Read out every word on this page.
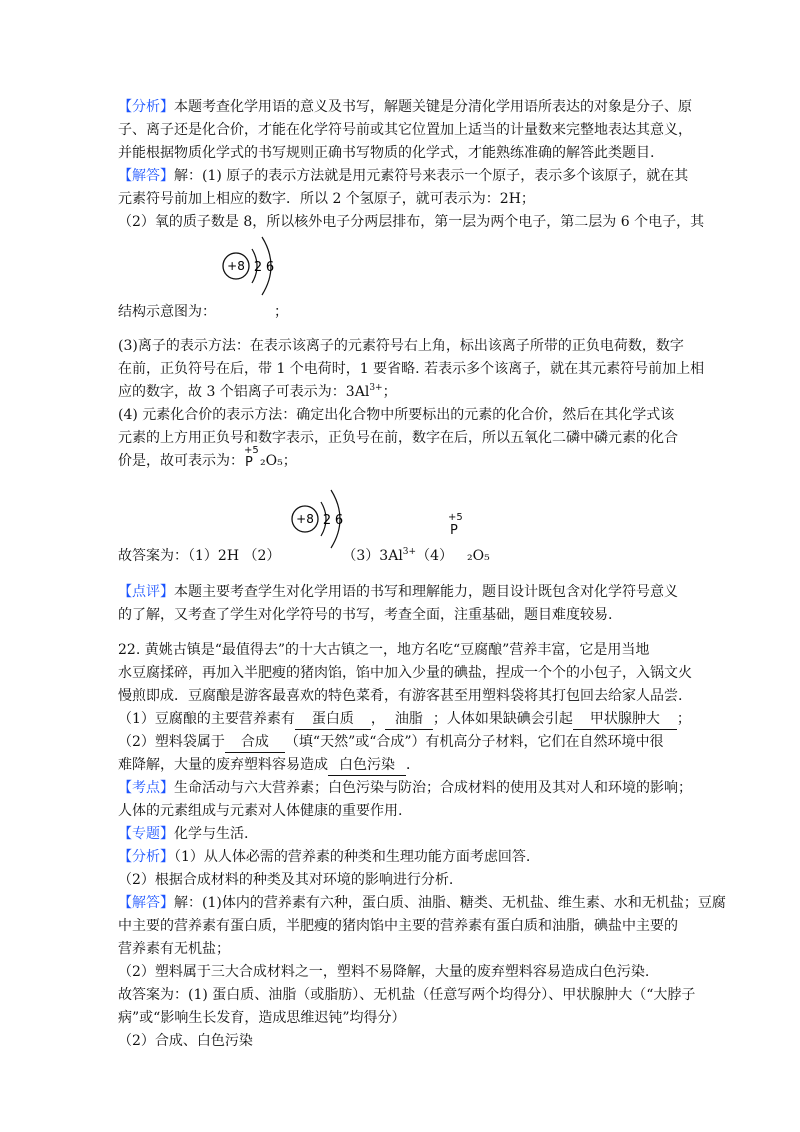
【分析】本题考查化学用语的意义及书写，解题关键是分清化学用语所表达的对象是分子、原
子、离子还是化合价，才能在化学符号前或其它位置加上适当的计量数来完整地表达其意义，
并能根据物质化学式的书写规则正确书写物质的化学式，才能熟练准确的解答此类题目.
【解答】解：(1) 原子的表示方法就是用元素符号来表示一个原子，表示多个该原子，就在其
元素符号前加上相应的数字．所以 2 个氢原子，就可表示为：2H；
（2）氧的质子数是 8，所以核外电子分两层排布，第一层为两个电子，第二层为 6 个电子，其
+8 2 6
结构示意图为：	；
(3)离子的表示方法：在表示该离子的元素符号右上角，标出该离子所带的正负电荷数，数字
在前，正负符号在后，带 1 个电荷时，1 要省略. 若表示多个该离子，就在其元素符号前加上相
应的数字，故 3 个铝离子可表示为：$3Al^{3+}$；
(4) 元素化合价的表示方法：确定出化合物中所要标出的元素的化合价，然后在其化学式该
元素的上方用正负号和数字表示，正负号在前，数字在后，所以五氧化二磷中磷元素的化合
价是，故可表示为：
+5
P ₂O₅；
+8 2 6
故答案为：（1）2H （2）	$(3)3Al^{3+}(4)$ ₂O₅
+5
P
【点评】本题主要考查学生对化学用语的书写和理解能力，题目设计既包含对化学符号意义
的了解，又考查了学生对化学符号的书写，考查全面，注重基础，题目难度较易.
22. 黄姚古镇是“最值得去”的十大古镇之一，地方名吃“豆腐酿”营养丰富，它是用当地
水豆腐揉碎，再加入半肥瘦的猪肉馅，馅中加入少量的碘盐，捏成一个个的小包子，入锅文火
慢煎即成．豆腐酿是游客最喜欢的特色菜肴，有游客甚至用塑料袋将其打包回去给家人品尝.
（1）豆腐酿的主要营养素有 蛋白质 ， 油脂 ；人体如果缺碘会引起 甲状腺肿大 ；
（2）塑料袋属于 合成 （填“天然”或“合成”）有机高分子材料，它们在自然环境中很
难降解，大量的废弃塑料容易造成 白色污染 ．
【考点】生命活动与六大营养素；白色污染与防治；合成材料的使用及其对人和环境的影响；
人体的元素组成与元素对人体健康的重要作用.
【专题】化学与生活.
【分析】（1）从人体必需的营养素的种类和生理功能方面考虑回答.
（2）根据合成材料的种类及其对环境的影响进行分析.
【解答】解：(1)体内的营养素有六种，蛋白质、油脂、糖类、无机盐、维生素、水和无机盐；豆腐
中主要的营养素有蛋白质，半肥瘦的猪肉馅中主要的营养素有蛋白质和油脂，碘盐中主要的
营养素有无机盐；
（2）塑料属于三大合成材料之一，塑料不易降解，大量的废弃塑料容易造成白色污染.
故答案为：(1) 蛋白质、油脂（或脂肪）、无机盐（任意写两个均得分）、甲状腺肿大（“大脖子
病”或“影响生长发育，造成思维迟钝”均得分）
（2）合成、白色污染
